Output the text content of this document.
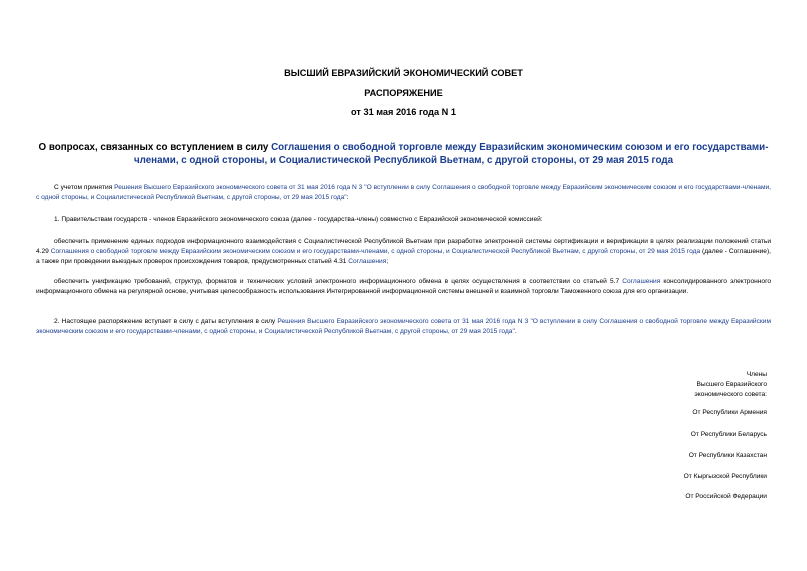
ВЫСШИЙ ЕВРАЗИЙСКИЙ ЭКОНОМИЧЕСКИЙ СОВЕТ
РАСПОРЯЖЕНИЕ
от 31 мая 2016 года N 1
О вопросах, связанных со вступлением в силу Соглашения о свободной торговле между Евразийским экономическим союзом и его государствами-членами, с одной стороны, и Социалистической Республикой Вьетнам, с другой стороны, от 29 мая 2015 года
С учетом принятия Решения Высшего Евразийского экономического совета от 31 мая 2016 года N 3 "О вступлении в силу Соглашения о свободной торговле между Евразийским экономическим союзом и его государствами-членами, с одной стороны, и Социалистической Республикой Вьетнам, с другой стороны, от 29 мая 2015 года":
1. Правительствам государств - членов Евразийского экономического союза (далее - государства-члены) совместно с Евразийской экономической комиссией:
обеспечить применение единых подходов информационного взаимодействия с Социалистической Республикой Вьетнам при разработке электронной системы сертификации и верификации в целях реализации положений статьи 4.29 Соглашения о свободной торговле между Евразийским экономическим союзом и его государствами-членами, с одной стороны, и Социалистической Республикой Вьетнам, с другой стороны, от 29 мая 2015 года (далее - Соглашение), а также при проведении выездных проверок происхождения товаров, предусмотренных статьей 4.31 Соглашения;
обеспечить унификацию требований, структур, форматов и технических условий электронного информационного обмена в целях осуществления в соответствии со статьей 5.7 Соглашения консолидированного электронного информационного обмена на регулярной основе, учитывая целесообразность использования Интегрированной информационной системы внешней и взаимной торговли Таможенного союза для его организации.
2. Настоящее распоряжение вступает в силу с даты вступления в силу Решения Высшего Евразийского экономического совета от 31 мая 2016 года N 3 "О вступлении в силу Соглашения о свободной торговле между Евразийским экономическим союзом и его государствами-членами, с одной стороны, и Социалистической Республикой Вьетнам, с другой стороны, от 29 мая 2015 года".
Члены
Высшего Евразийского
экономического совета:
От Республики Армения
От Республики Беларусь
От Республики Казахстан
От Кыргызской Республики
От Российской Федерации
